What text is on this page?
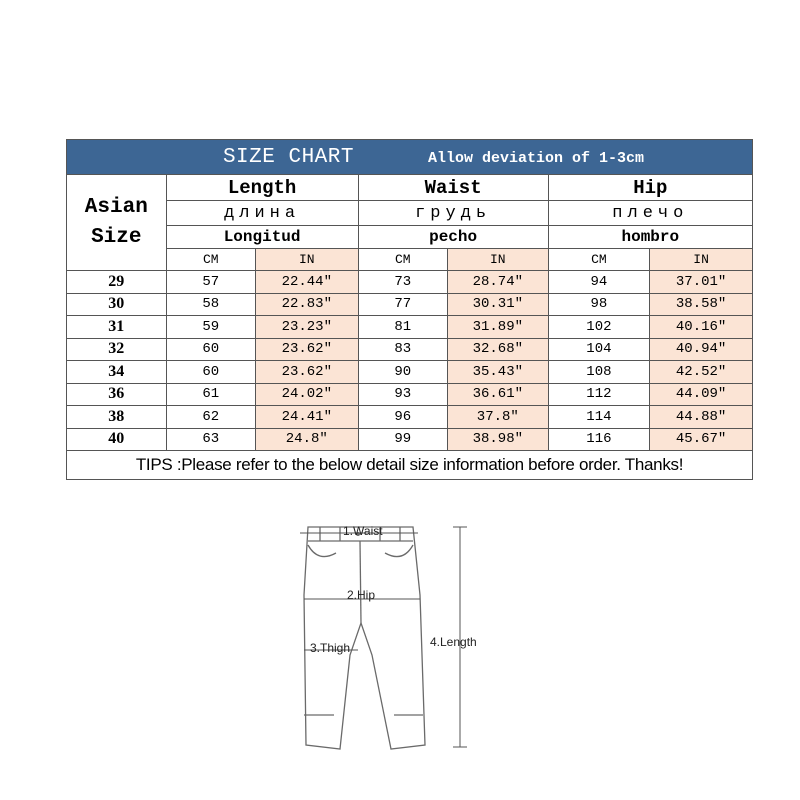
SIZE CHART Allow deviation of 1-3cm						

Asian
Size	Length		Waist		Hip	
	длина		грудь		плечо	
	Longitud		pecho		hombro	
	CM	IN	CM	IN	CM	IN
29	57	22.44″	73	28.74″	94	37.01″
30	58	22.83″	77	30.31″	98	38.58″
31	59	23.23″	81	31.89″	102	40.16″
32	60	23.62″	83	32.68″	104	40.94″
34	60	23.62″	90	35.43″	108	42.52″
36	61	24.02″	93	36.61″	112	44.09″
38	62	24.41″	96	37.8″	114	44.88″
40	63	24.8″	99	38.98″	116	45.67″
TIPS :Please refer to the below detail size information before order. Thanks!						
1.Waist
2.Hip
3.Thigh	4.Length
